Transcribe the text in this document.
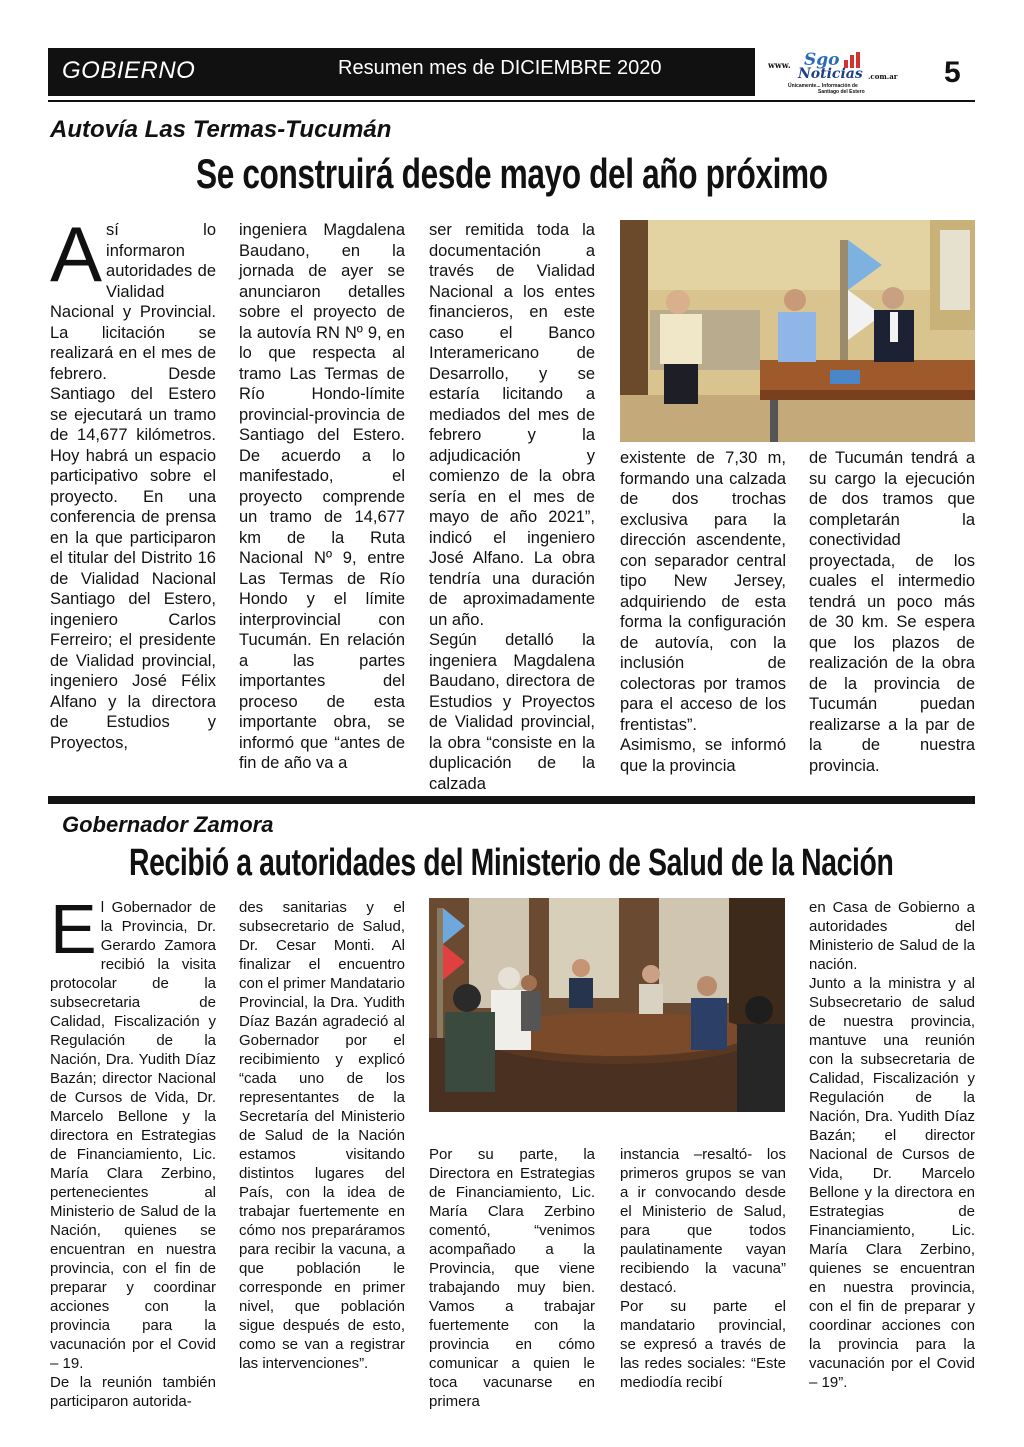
GOBIERNO	Resumen mes de DICIEMBRE 2020	www. Sgo
Noticias .com.ar
Únicamente... Información de
Santiago del Estero
5
Autovía Las Termas-Tucumán
Se construirá desde mayo del año próximo
A sí lo informaron autoridades de Vialidad Nacional y Provincial. La licitación se realizará en el mes de febrero. Desde Santiago del Estero se ejecutará un tramo de 14,677 kilómetros. Hoy habrá un espacio participativo sobre el proyecto. En una conferencia de prensa en la que participaron el titular del Distrito 16 de Vialidad Nacional Santiago del Estero, ingeniero Carlos Ferreiro; el presidente de Vialidad provincial, ingeniero José Félix Alfano y la directora de Estudios y Proyectos,
ingeniera Magdalena Baudano, en la jornada de ayer se anunciaron detalles sobre el proyecto de la autovía RN Nº 9, en lo que respecta al tramo Las Termas de Río Hondo-límite provincial-provincia de Santiago del Estero. De acuerdo a lo manifestado, el proyecto comprende un tramo de 14,677 km de la Ruta Nacional Nº 9, entre Las Termas de Río Hondo y el límite interprovincial con Tucumán. En relación a las partes importantes del proceso de esta importante obra, se informó que “antes de fin de año va a

ser remitida toda la documentación a través de Vialidad Nacional a los entes financieros, en este caso el Banco Interamericano de Desarrollo, y se estaría licitando a mediados del mes de febrero y la adjudicación y comienzo de la obra sería en el mes de mayo de año 2021”, indicó el ingeniero José Alfano. La obra tendría una duración de aproximadamente un año.

Según detalló la ingeniera Magdalena Baudano, directora de Estudios y Proyectos de Vialidad provincial, la obra “consiste en la duplicación de la calzada

existente de 7,30 m, formando una calzada de dos trochas exclusiva para la dirección ascendente, con separador central tipo New Jersey, adquiriendo de esta forma la configuración de autovía, con la inclusión de colectoras por tramos para el acceso de los frentistas”.

Asimismo, se informó que la provincia

de Tucumán tendrá a su cargo la ejecución de dos tramos que completarán la conectividad proyectada, de los cuales el intermedio tendrá un poco más de 30 km. Se espera que los plazos de realización de la obra de la provincia de Tucumán puedan realizarse a la par de la de nuestra provincia.
Gobernador Zamora
Recibió a autoridades del Ministerio de Salud de la Nación
E l Gobernador de la Provincia, Dr. Gerardo Zamora recibió la visita protocolar de la subsecretaria de Calidad, Fiscalización y Regulación de la Nación, Dra. Yudith Díaz Bazán; director Nacional de Cursos de Vida, Dr. Marcelo Bellone y la directora en Estrategias de Financiamiento, Lic. María Clara Zerbino, pertenecientes al Ministerio de Salud de la Nación, quienes se encuentran en nuestra provincia, con el fin de preparar y coordinar acciones con la provincia para la vacunación por el Covid – 19.

De la reunión también participaron autorida-

des sanitarias y el subsecretario de Salud, Dr. Cesar Monti. Al finalizar el encuentro con el primer Mandatario Provincial, la Dra. Yudith Díaz Bazán agradeció al Gobernador por el recibimiento y explicó “cada uno de los representantes de la Secretaría del Ministerio de Salud de la Nación estamos visitando distintos lugares del País, con la idea de trabajar fuertemente en cómo nos preparáramos para recibir la vacuna, a que población le corresponde en primer nivel, que población sigue después de esto, como se van a registrar las intervenciones”.
Por su parte, la Directora en Estrategias de Financiamiento, Lic. María Clara Zerbino comentó, “venimos acompañado a la Provincia, que viene trabajando muy bien. Vamos a trabajar fuertemente con la provincia en cómo comunicar a quien le toca vacunarse en primera

instancia –resaltó- los primeros grupos se van a ir convocando desde el Ministerio de Salud, para que todos paulatinamente vayan recibiendo la vacuna” destacó.

Por su parte el mandatario provincial, se expresó a través de las redes sociales: “Este mediodía recibí

en Casa de Gobierno a autoridades del Ministerio de Salud de la nación.

Junto a la ministra y al Subsecretario de salud de nuestra provincia, mantuve una reunión con la subsecretaria de Calidad, Fiscalización y Regulación de la Nación, Dra. Yudith Díaz Bazán; el director Nacional de Cursos de Vida, Dr. Marcelo Bellone y la directora en Estrategias de Financiamiento, Lic. María Clara Zerbino, quienes se encuentran en nuestra provincia, con el fin de preparar y coordinar acciones con la provincia para la vacunación por el Covid – 19”.
